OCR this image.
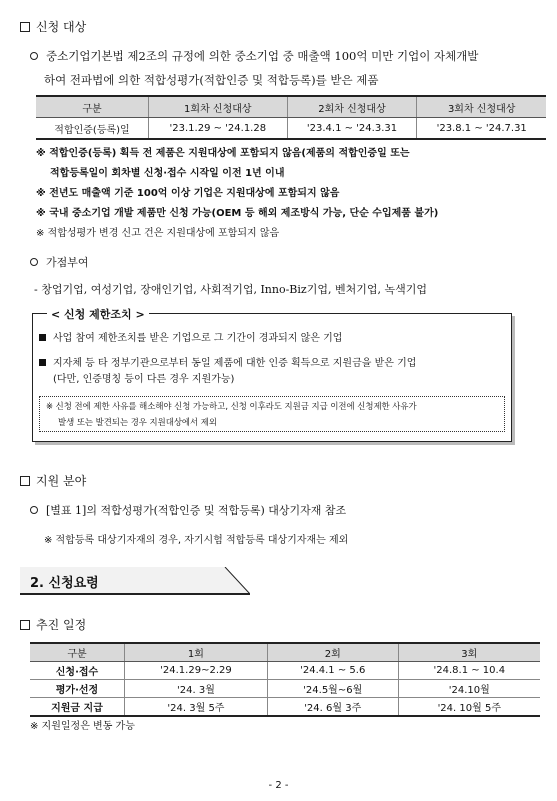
신청 대상
중소기업기본법 제2조의 규정에 의한 중소기업 중 매출액 100억 미만 기업이 자체개발
하여 전파법에 의한 적합성평가(적합인증 및 적합등록)를 받은 제품
구분	1회차 신청대상	2회차 신청대상	3회차 신청대상
적합인증(등록)일	'23.1.29 ~ '24.1.28	'23.4.1 ~ '24.3.31	'23.8.1 ~ '24.7.31
※ 적합인증(등록) 획득 전 제품은 지원대상에 포함되지 않음(제품의 적합인증일 또는
적합등록일이 회차별 신청·접수 시작일 이전 1년 이내
※ 전년도 매출액 기준 100억 이상 기업은 지원대상에 포함되지 않음
※ 국내 중소기업 개발 제품만 신청 가능(OEM 등 해외 제조방식 가능, 단순 수입제품 불가)
※ 적합성평가 변경 신고 건은 지원대상에 포함되지 않음
가점부여
- 창업기업, 여성기업, 장애인기업, 사회적기업, Inno-Biz기업, 벤처기업, 녹색기업
< 신청 제한조치 >
사업 참여 제한조치를 받은 기업으로 그 기간이 경과되지 않은 기업
지자체 등 타 정부기관으로부터 동일 제품에 대한 인증 획득으로 지원금을 받은 기업
(다만, 인증명칭 등이 다른 경우 지원가능)
※ 신청 전에 제한 사유를 해소해야 신청 가능하고, 신청 이후라도 지원금 지급 이전에 신청제한 사유가
발생 또는 발견되는 경우 지원대상에서 제외
지원 분야
[별표 1]의 적합성평가(적합인증 및 적합등록) 대상기자재 참조
※ 적합등록 대상기자재의 경우, 자기시험 적합등록 대상기자재는 제외
2. 신청요령
추진 일정
구분	1회	2회	3회
신청·접수	'24.1.29~2.29	'24.4.1 ~ 5.6	'24.8.1 ~ 10.4
평가·선정	'24. 3월	'24.5월~6월	'24.10월
지원금 지급	'24. 3월 5주	'24. 6월 3주	'24. 10월 5주
※ 지원일정은 변동 가능
- 2 -
